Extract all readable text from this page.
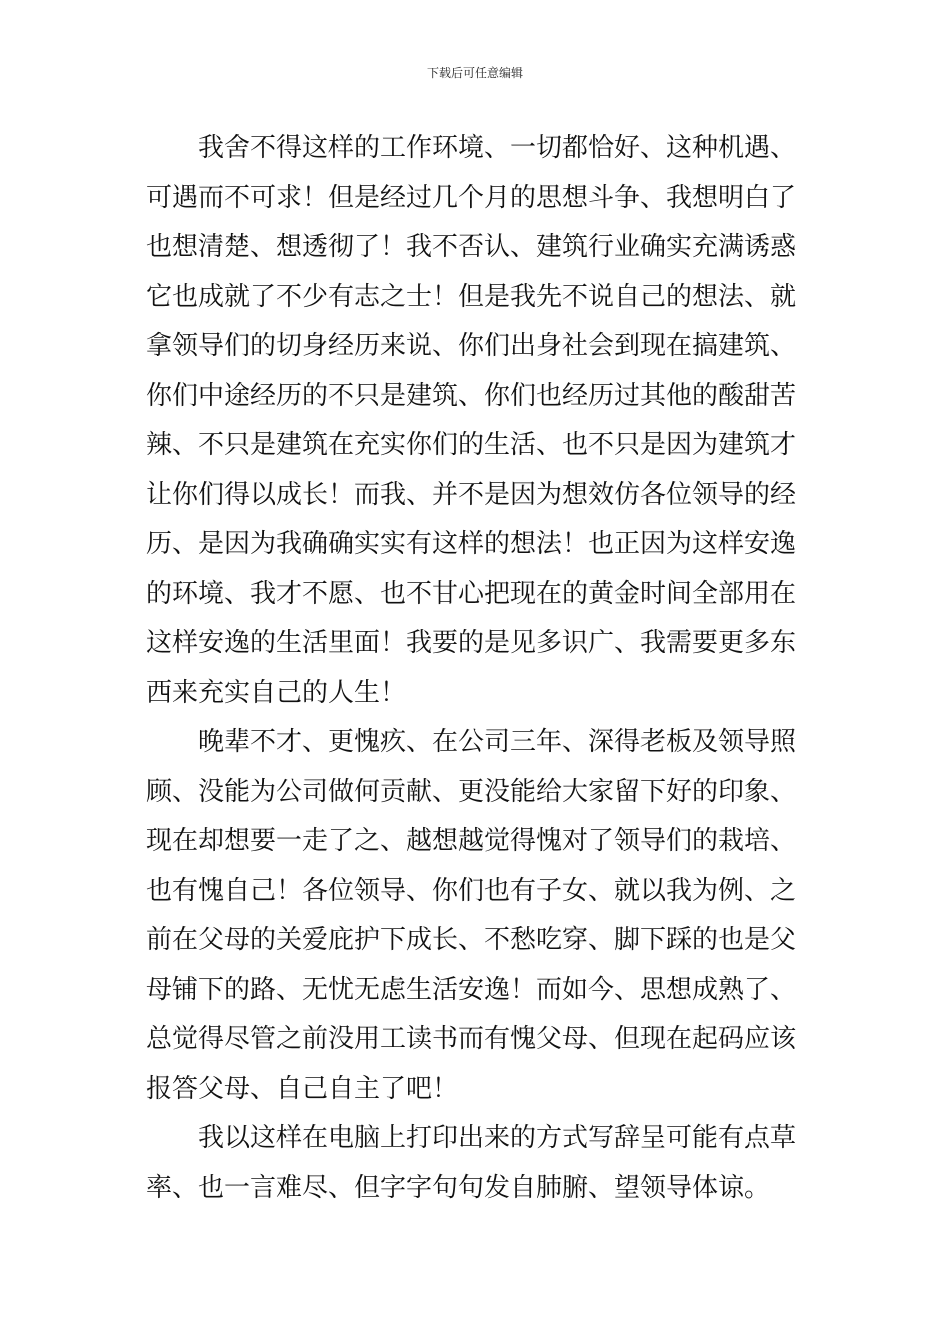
下载后可任意编辑
我舍不得这样的工作环境、一切都恰好、这种机遇、
可遇而不可求！但是经过几个月的思想斗争、我想明白了
也想清楚、想透彻了！我不否认、建筑行业确实充满诱惑
它也成就了不少有志之士！但是我先不说自己的想法、就
拿领导们的切身经历来说、你们出身社会到现在搞建筑、
你们中途经历的不只是建筑、你们也经历过其他的酸甜苦
辣、不只是建筑在充实你们的生活、也不只是因为建筑才
让你们得以成长！而我、并不是因为想效仿各位领导的经
历、是因为我确确实实有这样的想法！也正因为这样安逸
的环境、我才不愿、也不甘心把现在的黄金时间全部用在
这样安逸的生活里面！我要的是见多识广、我需要更多东
西来充实自己的人生！
晚辈不才、更愧疚、在公司三年、深得老板及领导照
顾、没能为公司做何贡献、更没能给大家留下好的印象、
现在却想要一走了之、越想越觉得愧对了领导们的栽培、
也有愧自己！各位领导、你们也有子女、就以我为例、之
前在父母的关爱庇护下成长、不愁吃穿、脚下踩的也是父
母铺下的路、无忧无虑生活安逸！而如今、思想成熟了、
总觉得尽管之前没用工读书而有愧父母、但现在起码应该
报答父母、自己自主了吧！
我以这样在电脑上打印出来的方式写辞呈可能有点草
率、也一言难尽、但字字句句发自肺腑、望领导体谅。
